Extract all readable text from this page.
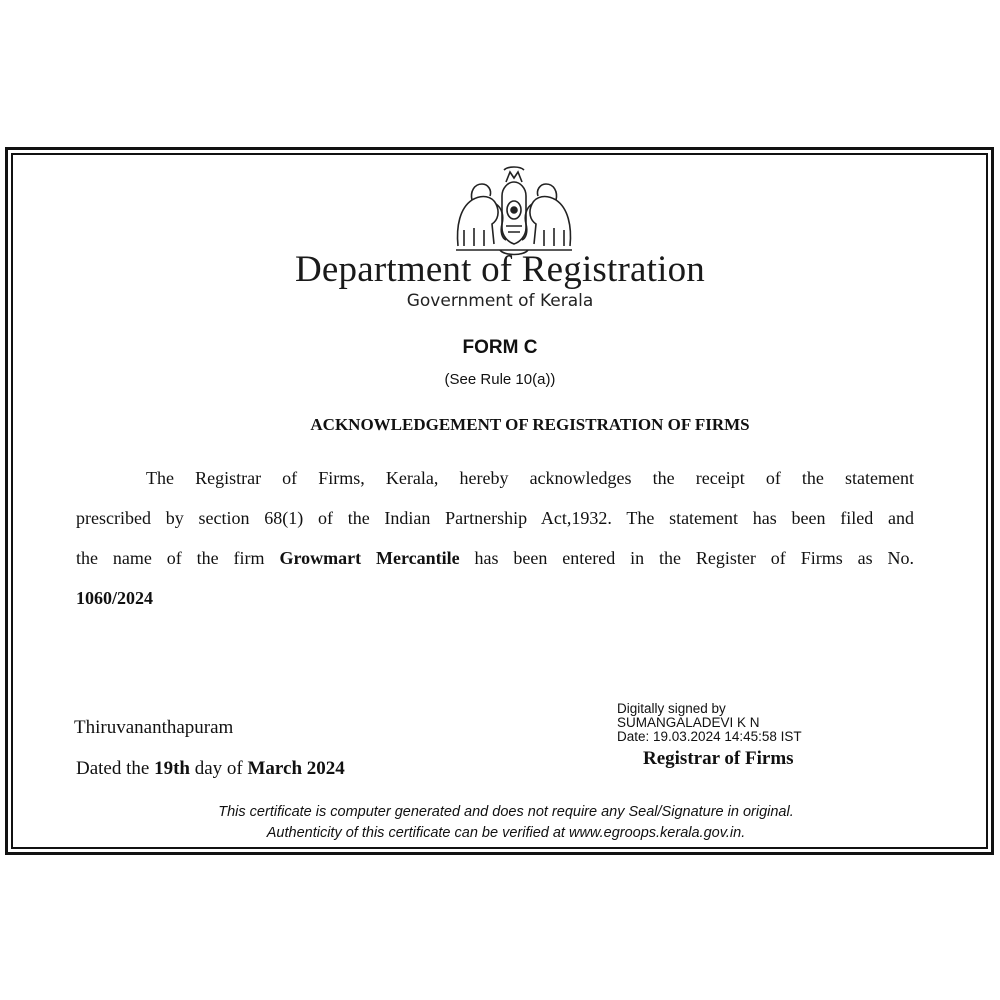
Department of Registration
Government of Kerala
FORM C
(See Rule 10(a))
ACKNOWLEDGEMENT OF REGISTRATION OF FIRMS
The Registrar of Firms, Kerala, hereby acknowledges the receipt of the statement
prescribed by section 68(1) of the Indian Partnership Act,1932. The statement has been filed and
the name of the firm Growmart Mercantile has been entered in the Register of Firms as No.
1060/2024
Thiruvananthapuram
Dated the 19th day of March 2024
Digitally signed by
SUMANGALADEVI K N
Date: 19.03.2024 14:45:58 IST
Registrar of Firms
This certificate is computer generated and does not require any Seal/Signature in original.
Authenticity of this certificate can be verified at www.egroops.kerala.gov.in.
